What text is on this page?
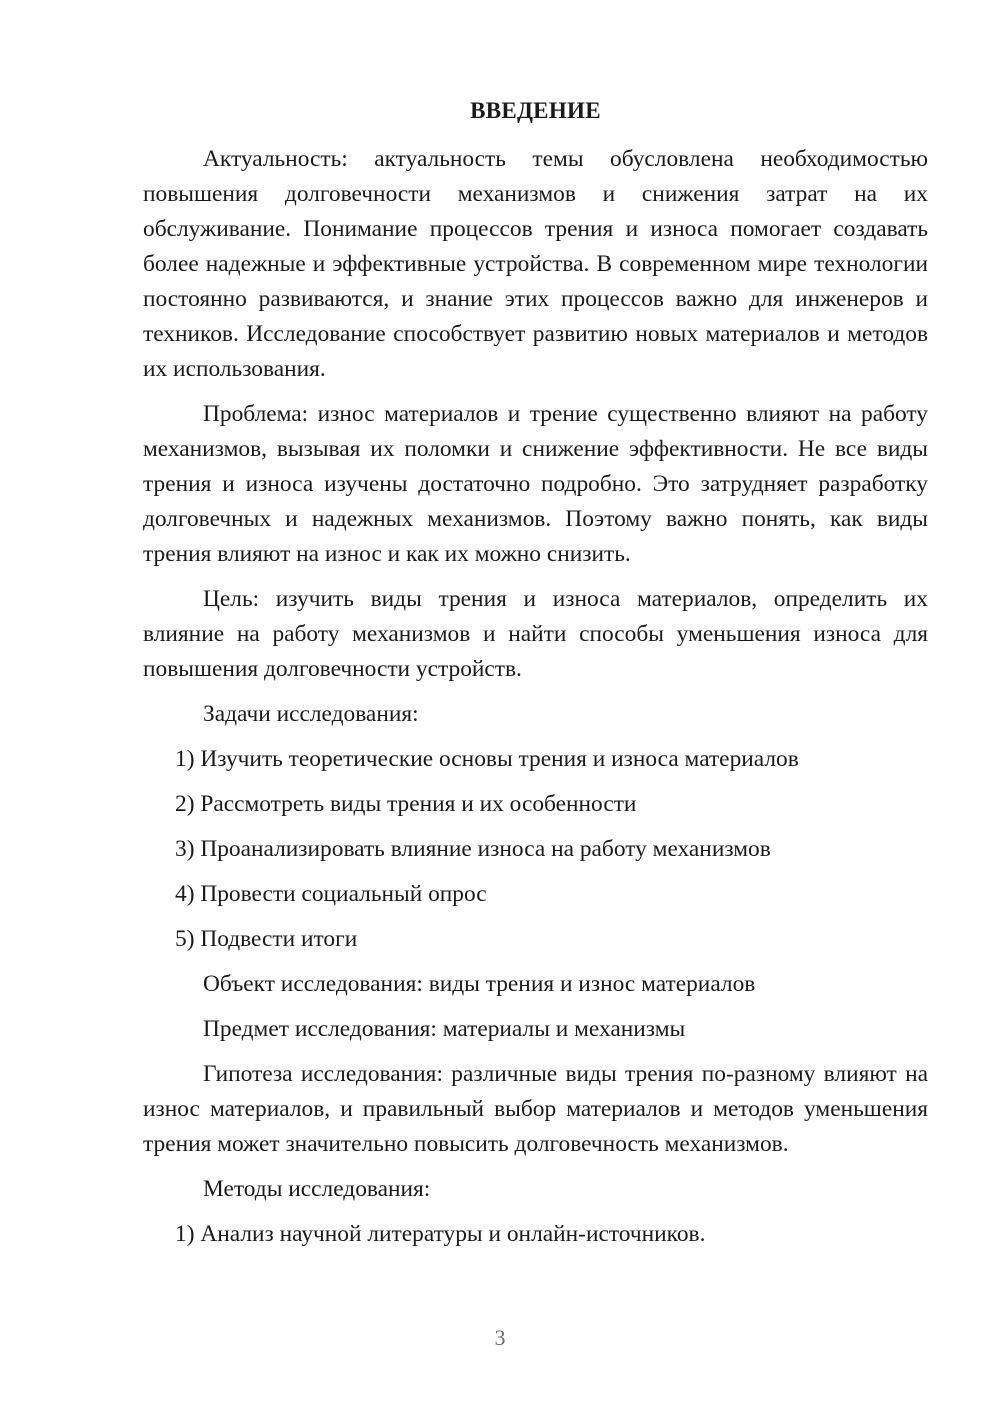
ВВЕДЕНИЕ
Актуальность: актуальность темы обусловлена необходимостью повышения долговечности механизмов и снижения затрат на их обслуживание. Понимание процессов трения и износа помогает создавать более надежные и эффективные устройства. В современном мире технологии постоянно развиваются, и знание этих процессов важно для инженеров и техников. Исследование способствует развитию новых материалов и методов их использования.
Проблема: износ материалов и трение существенно влияют на работу механизмов, вызывая их поломки и снижение эффективности. Не все виды трения и износа изучены достаточно подробно. Это затрудняет разработку долговечных и надежных механизмов. Поэтому важно понять, как виды трения влияют на износ и как их можно снизить.
Цель: изучить виды трения и износа материалов, определить их влияние на работу механизмов и найти способы уменьшения износа для повышения долговечности устройств.
Задачи исследования:
1) Изучить теоретические основы трения и износа материалов
2) Рассмотреть виды трения и их особенности
3) Проанализировать влияние износа на работу механизмов
4) Провести социальный опрос
5) Подвести итоги
Объект исследования: виды трения и износ материалов
Предмет исследования: материалы и механизмы
Гипотеза исследования: различные виды трения по-разному влияют на износ материалов, и правильный выбор материалов и методов уменьшения трения может значительно повысить долговечность механизмов.
Методы исследования:
1) Анализ научной литературы и онлайн-источников.
3
